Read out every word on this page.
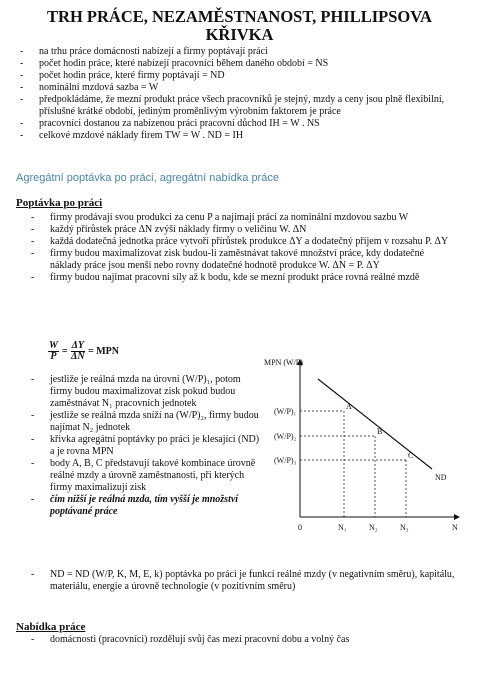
TRH PRÁCE, NEZAMĚSTNANOST, PHILLIPSOVA
KŘIVKA
- na trhu práce domácnosti nabízejí a firmy poptávají práci
- počet hodin práce, které nabízejí pracovníci během daného období = NS
- počet hodin práce, které firmy poptávají = ND
- nominální mzdová sazba = W
- předpokládáme, že mezní produkt práce všech pracovníků je stejný, mzdy a ceny jsou plně flexibilní, příslušné krátké období, jediným proměnlivým výrobním faktorem je práce
- pracovníci dostanou za nabízenou práci pracovní důchod IH = W . NS
- celkové mzdové náklady firem TW = W . ND = IH
Agregátní poptávka po práci, agregátní nabídka práce
Poptávka po práci
- firmy prodávají svou produkci za cenu P a najímají práci za nominální mzdovou sazbu W
- každý přírůstek práce ΔN zvýší náklady firmy o veličinu W. ΔN
- každá dodatečná jednotka práce vytvoří přírůstek produkce ΔY a dodatečný příjem v rozsahu P. ΔY
- firmy budou maximalizovat zisk budou-li zaměstnávat takové množství práce, kdy dodatečné náklady práce jsou menší nebo rovny dodatečné hodnotě produkce W. ΔN = P. ΔY
- firmy budou najímat pracovní síly až k bodu, kde se mezní produkt práce rovná reálné mzdě
$\frac{W}{P} = \frac{\Delta Y}{\Delta N}$ = MPN
- jestliže je reálná mzda na úrovni (W/P)₁, potom firmy budou maximalizovat zisk pokud budou zaměstnávat N₁ pracovních jednotek
- jestliže se reálná mzda sníží na (W/P)₂, firmy budou najímat N₂ jednotek
- křivka agregátní poptávky po práci je klesající (ND) a je rovna MPN
- body A, B, C představují takové kombinace úrovně reálné mzdy a úrovně zaměstnanosti, při kterých firmy maximalizují zisk
- čím nižší je reálná mzda, tím vyšší je množství poptávané práce
MPN (W/P)
N
0
ND
(W/P)₁
(W/P)₂
(W/P)₃
N₁	N₂	N₃
A
B
C
- ND = ND (W/P, K, M, E, k) poptávka po práci je funkcí reálné mzdy (v negativním směru), kapitálu, materiálu, energie a úrovně technologie (v pozitivním směru)
Nabídka práce
- domácnosti (pracovníci) rozdělují svůj čas mezi pracovní dobu a volný čas
